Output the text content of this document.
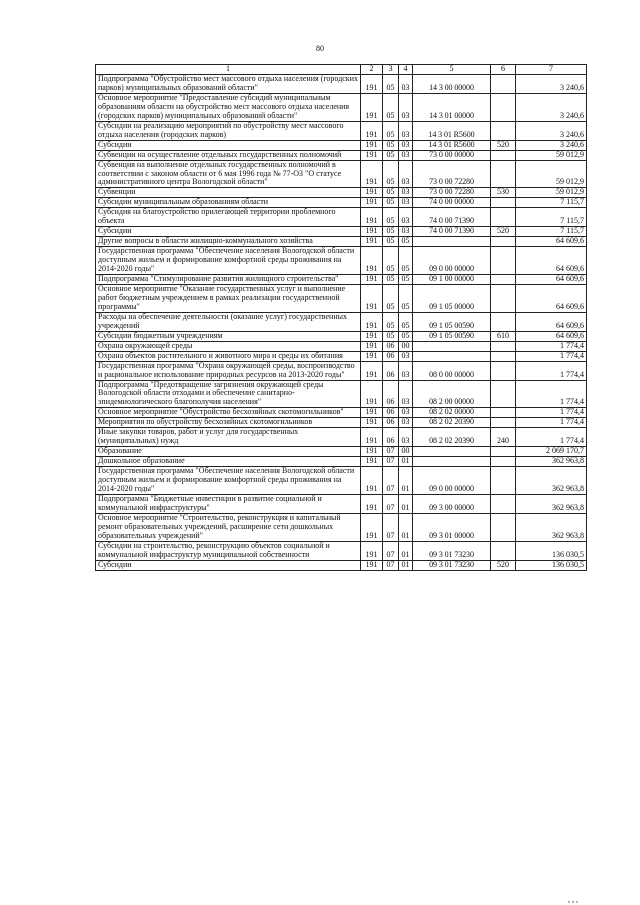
80
1	2	3	4	5	6	7
Подпрограмма "Обустройство мест массового отдыха населения (городских парков) муниципальных образований области"	191	05	03	14 3 00 00000		3 240,6
Основное мероприятие "Предоставление субсидий муниципальным образованиям области на обустройство мест массового отдыха населения (городских парков) муниципальных образований области"	191	05	03	14 3 01 00000		3 240,6
Субсидии на реализацию мероприятий по обустройству мест массового отдыха населения (городских парков)	191	05	03	14 3 01 R5600		3 240,6
Субсидии	191	05	03	14 3 01 R5600	520	3 240,6
Субвенции на осуществление отдельных государственных полномочий	191	05	03	73 0 00 00000		59 012,9
Субвенция на выполнение отдельных государственных полномочий в соответствии с законом области от 6 мая 1996 года № 77-ОЗ "О статусе административного центра Вологодской области"	191	05	03	73 0 00 72280		59 012,9
Субвенции	191	05	03	73 0 00 72280	530	59 012,9
Субсидии муниципальным образованиям области	191	05	03	74 0 00 00000		7 115,7
Субсидия на благоустройство прилегающей территории проблемного объекта	191	05	03	74 0 00 71390		7 115,7
Субсидии	191	05	03	74 0 00 71390	520	7 115,7
Другие вопросы в области жилищно-коммунального хозяйства	191	05	05			64 609,6
Государственная программа "Обеспечение населения Вологодской области доступным жильем и формирование комфортной среды проживания на 2014-2020 годы"	191	05	05	09 0 00 00000		64 609,6
Подпрограмма "Стимулирование развития жилищного строительства"	191	05	05	09 1 00 00000		64 609,6
Основное мероприятие "Оказание государственных услуг и выполнение работ бюджетным учреждением в рамках реализации государственной программы"	191	05	05	09 1 05 00000		64 609,6
Расходы на обеспечение деятельности (оказание услуг) государственных учреждений	191	05	05	09 1 05 00590		64 609,6
Субсидии бюджетным учреждениям	191	05	05	09 1 05 00590	610	64 609,6
Охрана окружающей среды	191	06	00			1 774,4
Охрана объектов растительного и животного мира и среды их обитания	191	06	03			1 774,4
Государственная программа "Охрана окружающей среды, воспроизводство и рациональное использование природных ресурсов на 2013-2020 годы"	191	06	03	08 0 00 00000		1 774,4
Подпрограмма "Предотвращение загрязнения окружающей среды Вологодской области отходами и обеспечение санитарно-эпидемиологического благополучия населения"	191	06	03	08 2 00 00000		1 774,4
Основное мероприятие "Обустройство бесхозяйных скотомогильников"	191	06	03	08 2 02 00000		1 774,4
Мероприятия по обустройству бесхозяйных скотомогильников	191	06	03	08 2 02 20390		1 774,4
Иные закупки товаров, работ и услуг для государственных (муниципальных) нужд	191	06	03	08 2 02 20390	240	1 774,4
Образование	191	07	00			2 069 170,7
Дошкольное образование	191	07	01			362 963,8
Государственная программа "Обеспечение населения Вологодской области доступным жильем и формирование комфортной среды проживания на 2014-2020 годы"	191	07	01	09 0 00 00000		362 963,8
Подпрограмма "Бюджетные инвестиции в развитие социальной и коммунальной инфраструктуры"	191	07	01	09 3 00 00000		362 963,8
Основное мероприятие "Строительство, реконструкция и капитальный ремонт образовательных учреждений, расширение сети дошкольных образовательных учреждений"	191	07	01	09 3 01 00000		362 963,8
Субсидии на строительство, реконструкцию объектов социальной и коммунальной инфраструктур муниципальной собственности	191	07	01	09 3 01 73230		136 030,5
Субсидии	191	07	01	09 3 01 73230	520	136 030,5
, , ,
